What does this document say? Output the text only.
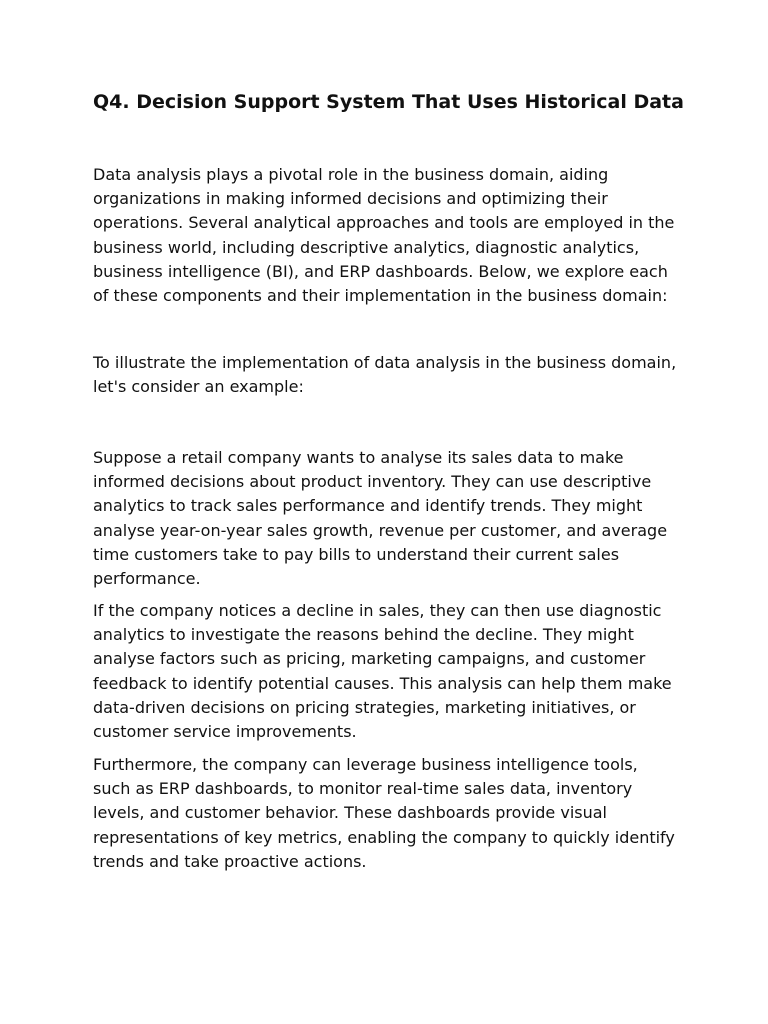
Q4. Decision Support System That Uses Historical Data

Data analysis plays a pivotal role in the business domain, aiding organizations in making informed decisions and optimizing their operations. Several analytical approaches and tools are employed in the business world, including descriptive analytics, diagnostic analytics, business intelligence (BI), and ERP dashboards. Below, we explore each of these components and their implementation in the business domain:

To illustrate the implementation of data analysis in the business domain, let's consider an example:

Suppose a retail company wants to analyse its sales data to make informed decisions about product inventory. They can use descriptive analytics to track sales performance and identify trends. They might analyse year-on-year sales growth, revenue per customer, and average time customers take to pay bills to understand their current sales performance.

If the company notices a decline in sales, they can then use diagnostic analytics to investigate the reasons behind the decline. They might analyse factors such as pricing, marketing campaigns, and customer feedback to identify potential causes. This analysis can help them make data-driven decisions on pricing strategies, marketing initiatives, or customer service improvements.

Furthermore, the company can leverage business intelligence tools, such as ERP dashboards, to monitor real-time sales data, inventory levels, and customer behavior. These dashboards provide visual representations of key metrics, enabling the company to quickly identify trends and take proactive actions.
